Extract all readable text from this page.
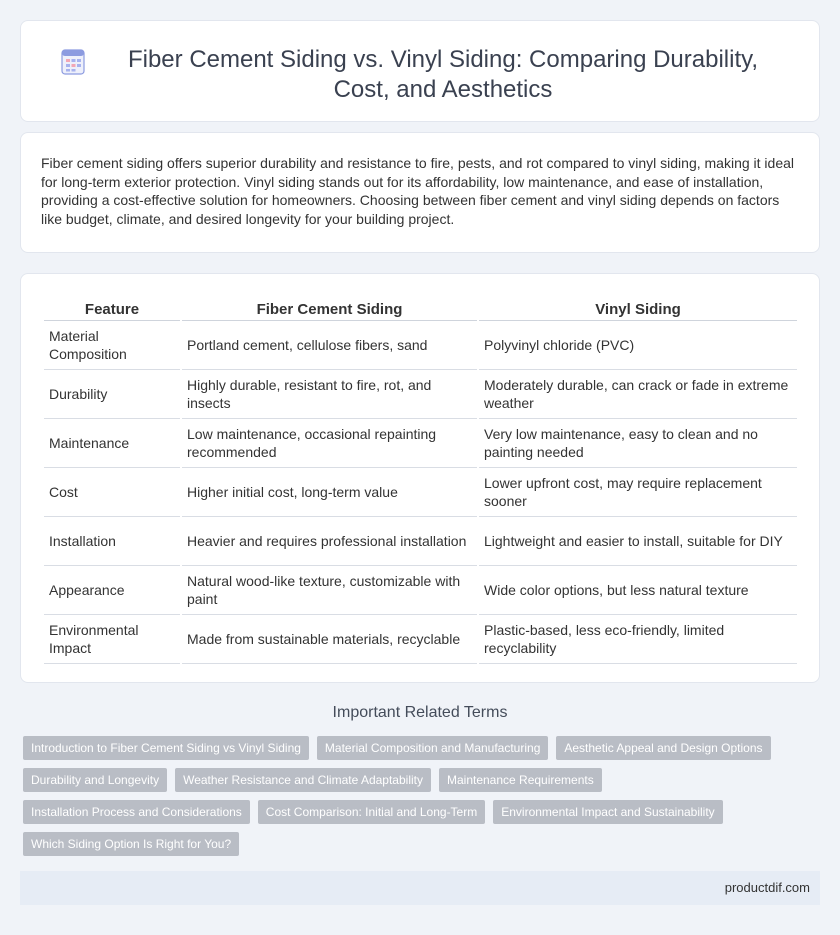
Fiber Cement Siding vs. Vinyl Siding: Comparing Durability, Cost, and Aesthetics

Fiber cement siding offers superior durability and resistance to fire, pests, and rot compared to vinyl siding, making it ideal for long-term exterior protection. Vinyl siding stands out for its affordability, low maintenance, and ease of installation, providing a cost-effective solution for homeowners. Choosing between fiber cement and vinyl siding depends on factors like budget, climate, and desired longevity for your building project.

Feature	Fiber Cement Siding	Vinyl Siding
Material Composition	Portland cement, cellulose fibers, sand	Polyvinyl chloride (PVC)
Durability	Highly durable, resistant to fire, rot, and insects	Moderately durable, can crack or fade in extreme weather
Maintenance	Low maintenance, occasional repainting recommended	Very low maintenance, easy to clean and no painting needed
Cost	Higher initial cost, long-term value	Lower upfront cost, may require replacement sooner
Installation	Heavier and requires professional installation	Lightweight and easier to install, suitable for DIY
Appearance	Natural wood-like texture, customizable with paint	Wide color options, but less natural texture
Environmental Impact	Made from sustainable materials, recyclable	Plastic-based, less eco-friendly, limited recyclability
Important Related Terms
Introduction to Fiber Cement Siding vs Vinyl Siding	Material Composition and Manufacturing	Aesthetic Appeal and Design Options
Durability and Longevity	Weather Resistance and Climate Adaptability	Maintenance Requirements
Installation Process and Considerations	Cost Comparison: Initial and Long-Term	Environmental Impact and Sustainability
Which Siding Option Is Right for You?
productdif.com
